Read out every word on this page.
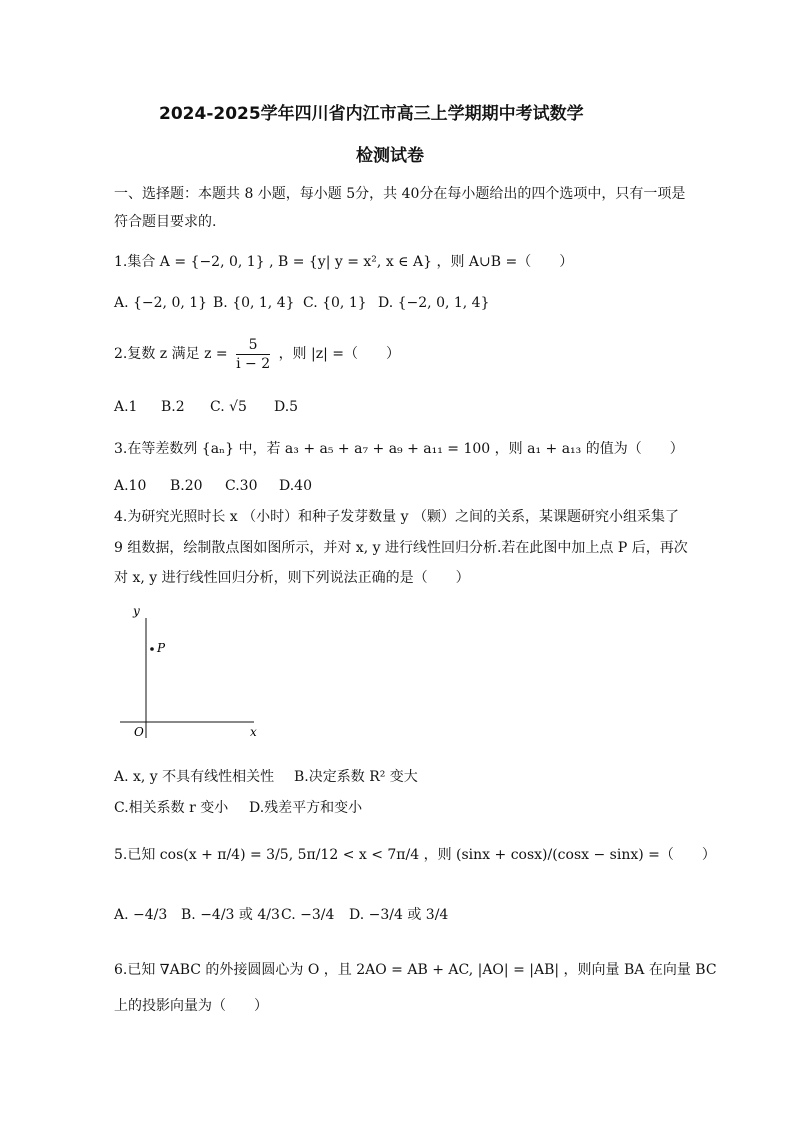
2024-2025学年四川省内江市高三上学期期中考试数学
检测试卷
一、选择题：本题共 8 小题，每小题 5分，共 40分在每小题给出的四个选项中，只有一项是
符合题目要求的.
1.集合 A = {−2, 0, 1} , B = {y| y = x², x ∈ A} ，则 A∪B =（　　）
A. {−2, 0, 1} B. {0, 1, 4} C. {0, 1} D. {−2, 0, 1, 4}
2.复数 z 满足 $z = \frac{5}{i - 2}$ ，则 |z| =（　　）
A.1 B.2 C. √5 D.5
3.在等差数列 {aₙ} 中，若 a₃ + a₅ + a₇ + a₉ + a₁₁ = 100 ，则 a₁ + a₁₃ 的值为（　　）
A.10 B.20 C.30 D.40
4.为研究光照时长 x （小时）和种子发芽数量 y （颗）之间的关系，某课题研究小组采集了
9 组数据，绘制散点图如图所示，并对 x, y 进行线性回归分析.若在此图中加上点 P 后，再次
对 x, y 进行线性回归分析，则下列说法正确的是（　　）
y
x
O
P
A. x, y 不具有线性相关性 B.决定系数 R² 变大
C.相关系数 r 变小 D.残差平方和变小
5.已知 cos(x + π/4) = 3/5, 5π/12 < x < 7π/4 ，则 (sinx + cosx)/(cosx − sinx) =（　　）
A. −4/3 B. −4/3 或 4/3 C. −3/4 D. −3/4 或 3/4
6.已知 ∇ABC 的外接圆圆心为 O ，且 2AO = AB + AC, |AO| = |AB| ，则向量 BA 在向量 BC
上的投影向量为（　　）
